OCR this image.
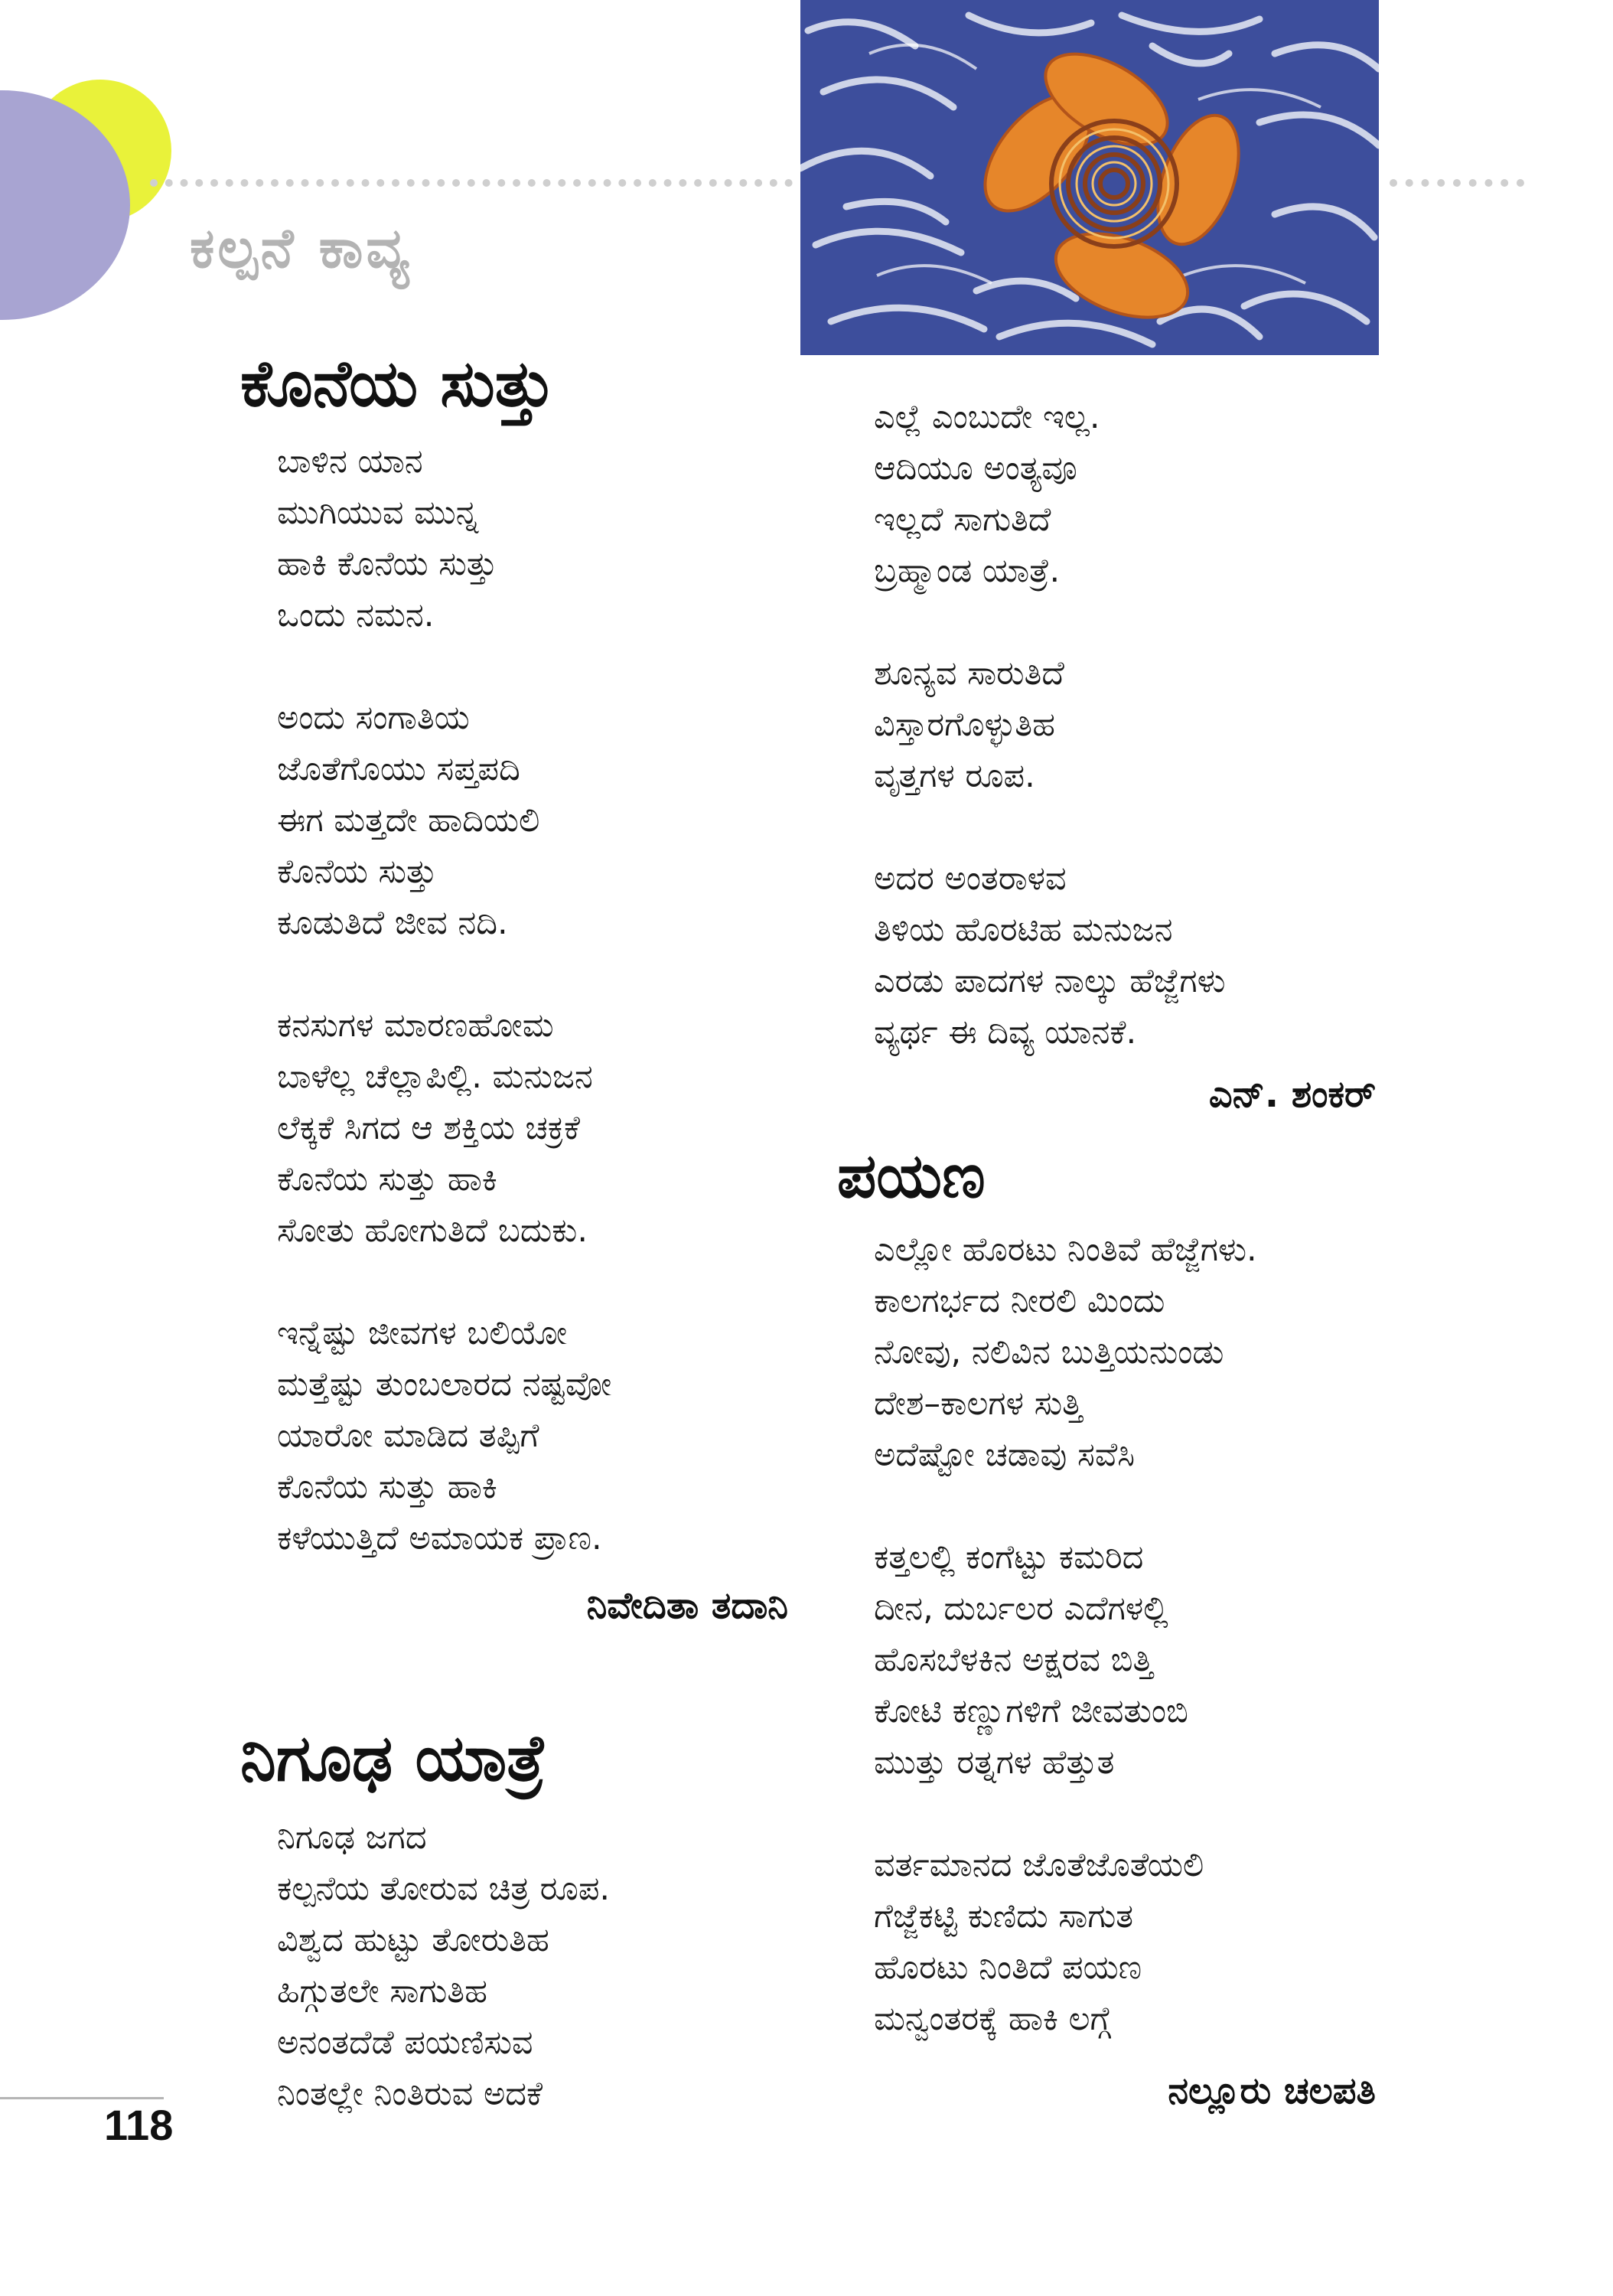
ಕಲ್ಪನೆ ಕಾವ್ಯ
ಕೊನೆಯ ಸುತ್ತು
ಬಾಳಿನ ಯಾನ
ಮುಗಿಯುವ ಮುನ್ನ
ಹಾಕಿ ಕೊನೆಯ ಸುತ್ತು
ಒಂದು ನಮನ.
ಅಂದು ಸಂಗಾತಿಯ
ಜೊತೆಗೊಯು ಸಪ್ತಪದಿ
ಈಗ ಮತ್ತದೇ ಹಾದಿಯಲಿ
ಕೊನೆಯ ಸುತ್ತು
ಕೂಡುತಿದೆ ಜೀವ ನದಿ.
ಕನಸುಗಳ ಮಾರಣಹೋಮ
ಬಾಳೆಲ್ಲ ಚೆಲ್ಲಾಪಿಲ್ಲಿ. ಮನುಜನ
ಲೆಕ್ಕಕೆ ಸಿಗದ ಆ ಶಕ್ತಿಯ ಚಕ್ರಕೆ
ಕೊನೆಯ ಸುತ್ತು ಹಾಕಿ
ಸೋತು ಹೋಗುತಿದೆ ಬದುಕು.
ಇನ್ನೆಷ್ಟು ಜೀವಗಳ ಬಲಿಯೋ
ಮತ್ತೆಷ್ಟು ತುಂಬಲಾರದ ನಷ್ಟವೋ
ಯಾರೋ ಮಾಡಿದ ತಪ್ಪಿಗೆ
ಕೊನೆಯ ಸುತ್ತು ಹಾಕಿ
ಕಳೆಯುತ್ತಿದೆ ಅಮಾಯಕ ಪ್ರಾಣ.
ನಿವೇದಿತಾ ತದಾನಿ
ನಿಗೂಢ ಯಾತ್ರೆ
ನಿಗೂಢ ಜಗದ
ಕಲ್ಪನೆಯ ತೋರುವ ಚಿತ್ರ ರೂಪ.
ವಿಶ್ವದ ಹುಟ್ಟು ತೋರುತಿಹ
ಹಿಗ್ಗುತಲೇ ಸಾಗುತಿಹ
ಅನಂತದೆಡೆ ಪಯಣಿಸುವ
ನಿಂತಲ್ಲೇ ನಿಂತಿರುವ ಅದಕೆ
ಎಲ್ಲೆ ಎಂಬುದೇ ಇಲ್ಲ.
ಆದಿಯೂ ಅಂತ್ಯವೂ
ಇಲ್ಲದೆ ಸಾಗುತಿದೆ
ಬ್ರಹ್ಮಾಂಡ ಯಾತ್ರೆ.
ಶೂನ್ಯವ ಸಾರುತಿದೆ
ವಿಸ್ತಾರಗೊಳ್ಳುತಿಹ
ವೃತ್ತಗಳ ರೂಪ.
ಅದರ ಅಂತರಾಳವ
ತಿಳಿಯ ಹೊರಟಿಹ ಮನುಜನ
ಎರಡು ಪಾದಗಳ ನಾಲ್ಕು ಹೆಜ್ಜೆಗಳು
ವ್ಯರ್ಥ ಈ ದಿವ್ಯ ಯಾನಕೆ.
ಎನ್. ಶಂಕರ್
ಪಯಣ
ಎಲ್ಲೋ ಹೊರಟು ನಿಂತಿವೆ ಹೆಜ್ಜೆಗಳು.
ಕಾಲಗರ್ಭದ ನೀರಲಿ ಮಿಂದು
ನೋವು, ನಲಿವಿನ ಬುತ್ತಿಯನುಂಡು
ದೇಶ–ಕಾಲಗಳ ಸುತ್ತಿ
ಅದೆಷ್ಟೋ ಚಡಾವು ಸವೆಸಿ
ಕತ್ತಲಲ್ಲಿ ಕಂಗೆಟ್ಟು ಕಮರಿದ
ದೀನ, ದುರ್ಬಲರ ಎದೆಗಳಲ್ಲಿ
ಹೊಸಬೆಳಕಿನ ಅಕ್ಷರವ ಬಿತ್ತಿ
ಕೋಟಿ ಕಣ್ಣುಗಳಿಗೆ ಜೀವತುಂಬಿ
ಮುತ್ತು ರತ್ನಗಳ ಹೆತ್ತುತ
ವರ್ತಮಾನದ ಜೊತೆಜೊತೆಯಲಿ
ಗೆಜ್ಜೆಕಟ್ಟಿ ಕುಣಿದು ಸಾಗುತ
ಹೊರಟು ನಿಂತಿದೆ ಪಯಣ
ಮನ್ವಂತರಕ್ಕೆ ಹಾಕಿ ಲಗ್ಗೆ
ನಲ್ಲೂರು ಚಲಪತಿ
118
